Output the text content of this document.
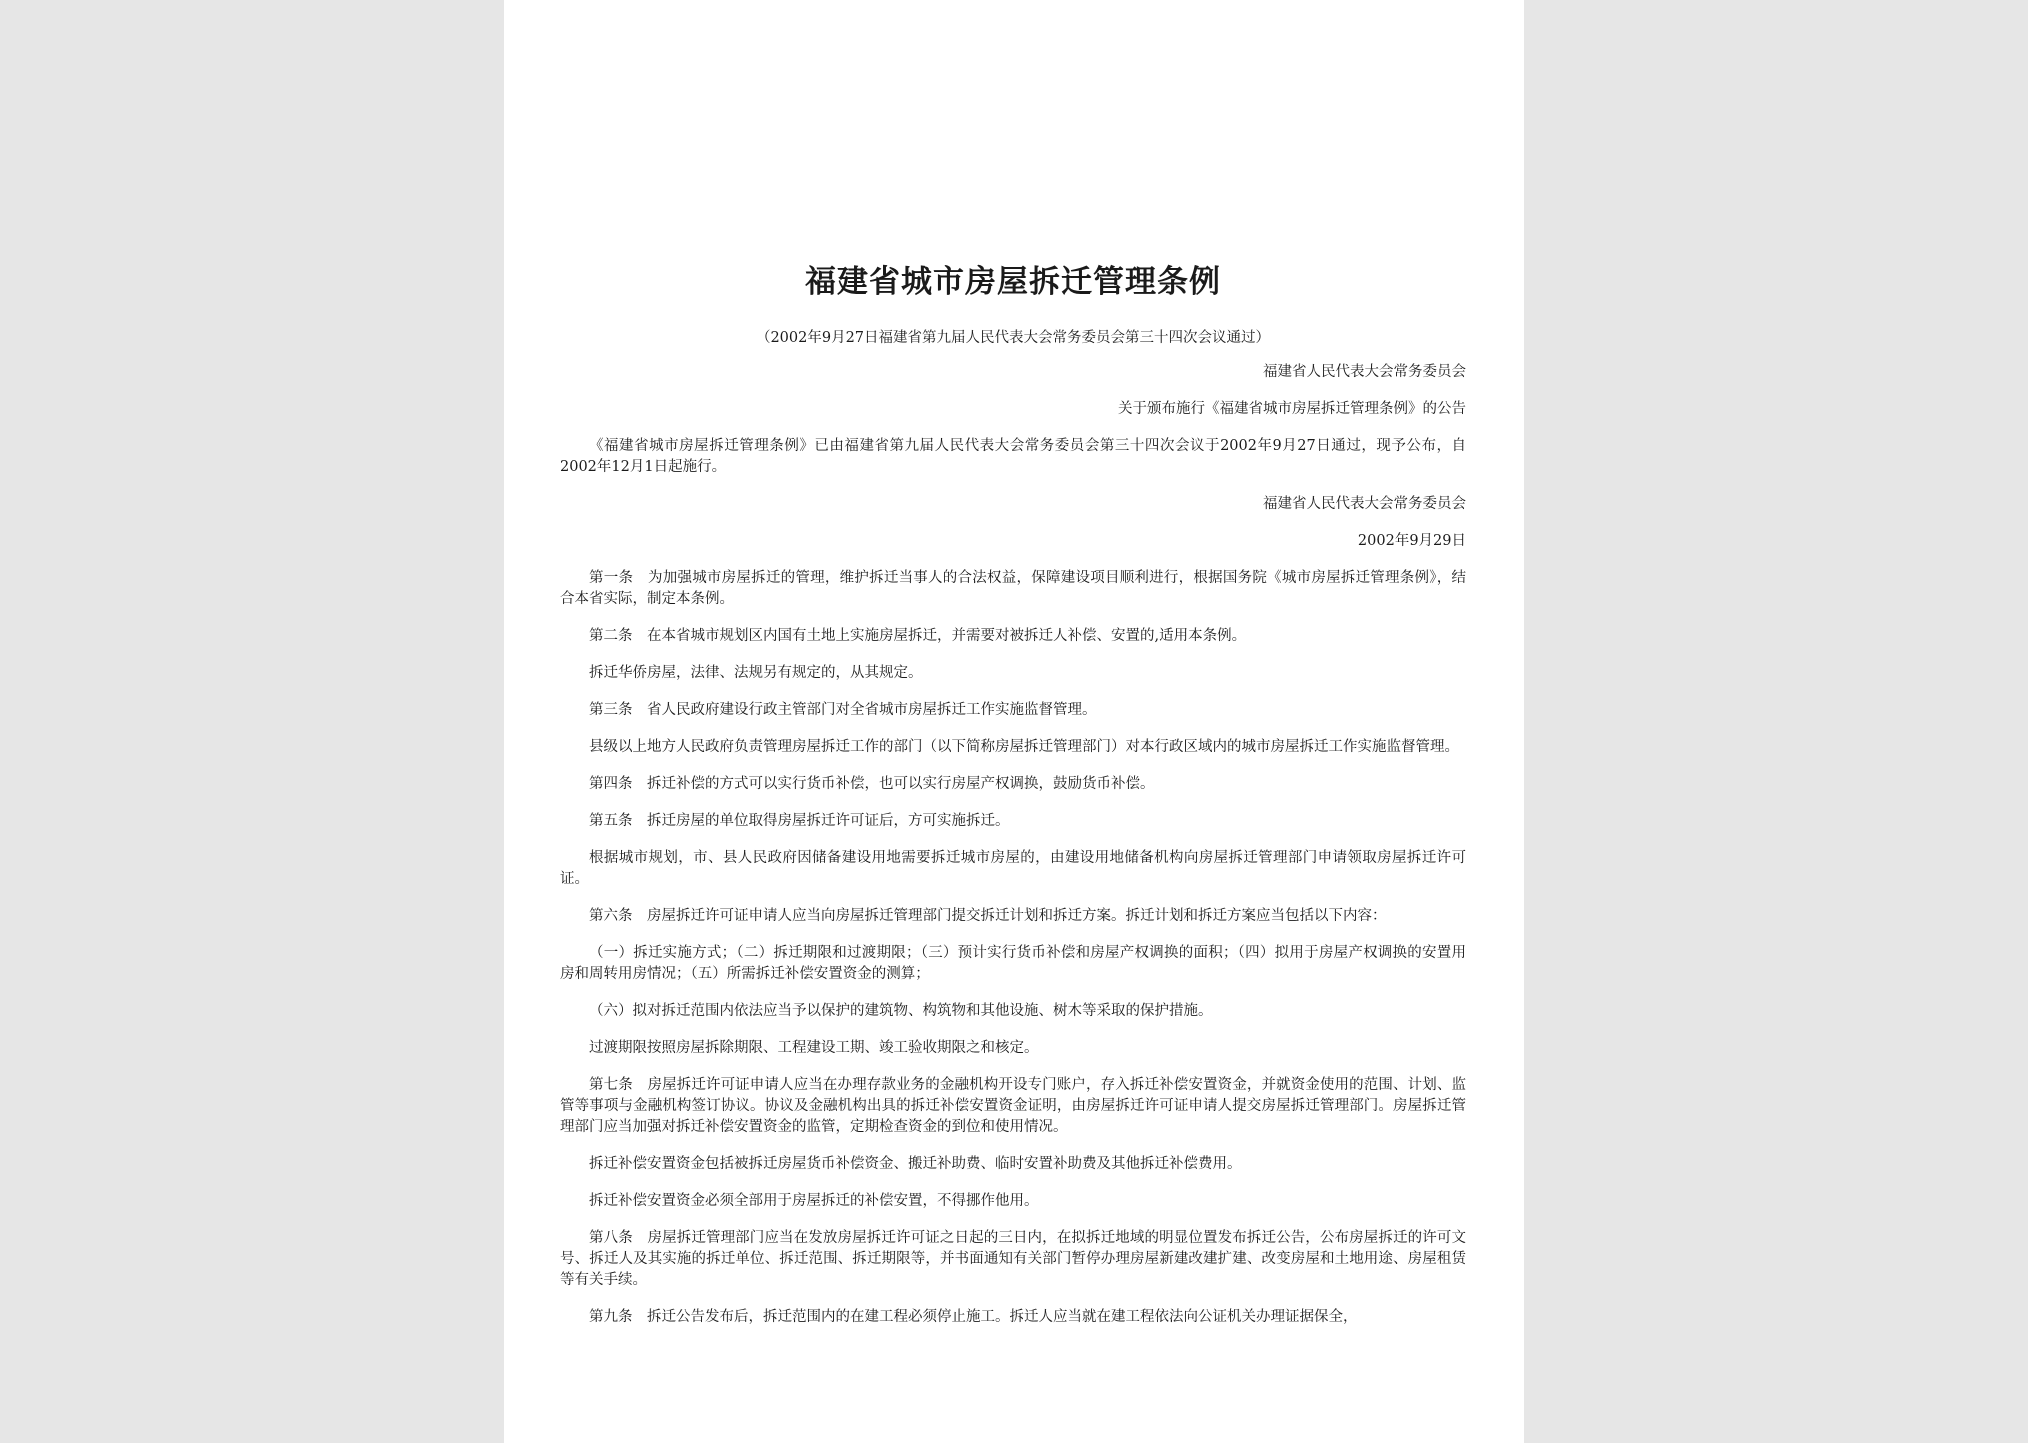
福建省城市房屋拆迁管理条例
（2002年9月27日福建省第九届人民代表大会常务委员会第三十四次会议通过）
福建省人民代表大会常务委员会
关于颁布施行《福建省城市房屋拆迁管理条例》的公告
《福建省城市房屋拆迁管理条例》已由福建省第九届人民代表大会常务委员会第三十四次会议于2002年9月27日通过，现予公布，自2002年12月1日起施行。
福建省人民代表大会常务委员会
2002年9月29日
第一条　为加强城市房屋拆迁的管理，维护拆迁当事人的合法权益，保障建设项目顺利进行，根据国务院《城市房屋拆迁管理条例》，结合本省实际，制定本条例。
第二条　在本省城市规划区内国有土地上实施房屋拆迁，并需要对被拆迁人补偿、安置的,适用本条例。
拆迁华侨房屋，法律、法规另有规定的，从其规定。
第三条　省人民政府建设行政主管部门对全省城市房屋拆迁工作实施监督管理。
县级以上地方人民政府负责管理房屋拆迁工作的部门（以下简称房屋拆迁管理部门）对本行政区域内的城市房屋拆迁工作实施监督管理。
第四条　拆迁补偿的方式可以实行货币补偿，也可以实行房屋产权调换，鼓励货币补偿。
第五条　拆迁房屋的单位取得房屋拆迁许可证后，方可实施拆迁。
根据城市规划，市、县人民政府因储备建设用地需要拆迁城市房屋的，由建设用地储备机构向房屋拆迁管理部门申请领取房屋拆迁许可证。
第六条　房屋拆迁许可证申请人应当向房屋拆迁管理部门提交拆迁计划和拆迁方案。拆迁计划和拆迁方案应当包括以下内容：
（一）拆迁实施方式；（二）拆迁期限和过渡期限；（三）预计实行货币补偿和房屋产权调换的面积；（四）拟用于房屋产权调换的安置用房和周转用房情况；（五）所需拆迁补偿安置资金的测算；
（六）拟对拆迁范围内依法应当予以保护的建筑物、构筑物和其他设施、树木等采取的保护措施。
过渡期限按照房屋拆除期限、工程建设工期、竣工验收期限之和核定。
第七条　房屋拆迁许可证申请人应当在办理存款业务的金融机构开设专门账户，存入拆迁补偿安置资金，并就资金使用的范围、计划、监管等事项与金融机构签订协议。协议及金融机构出具的拆迁补偿安置资金证明，由房屋拆迁许可证申请人提交房屋拆迁管理部门。房屋拆迁管理部门应当加强对拆迁补偿安置资金的监管，定期检查资金的到位和使用情况。
拆迁补偿安置资金包括被拆迁房屋货币补偿资金、搬迁补助费、临时安置补助费及其他拆迁补偿费用。
拆迁补偿安置资金必须全部用于房屋拆迁的补偿安置，不得挪作他用。
第八条　房屋拆迁管理部门应当在发放房屋拆迁许可证之日起的三日内，在拟拆迁地域的明显位置发布拆迁公告，公布房屋拆迁的许可文号、拆迁人及其实施的拆迁单位、拆迁范围、拆迁期限等，并书面通知有关部门暂停办理房屋新建改建扩建、改变房屋和土地用途、房屋租赁等有关手续。
第九条　拆迁公告发布后，拆迁范围内的在建工程必须停止施工。拆迁人应当就在建工程依法向公证机关办理证据保全，
